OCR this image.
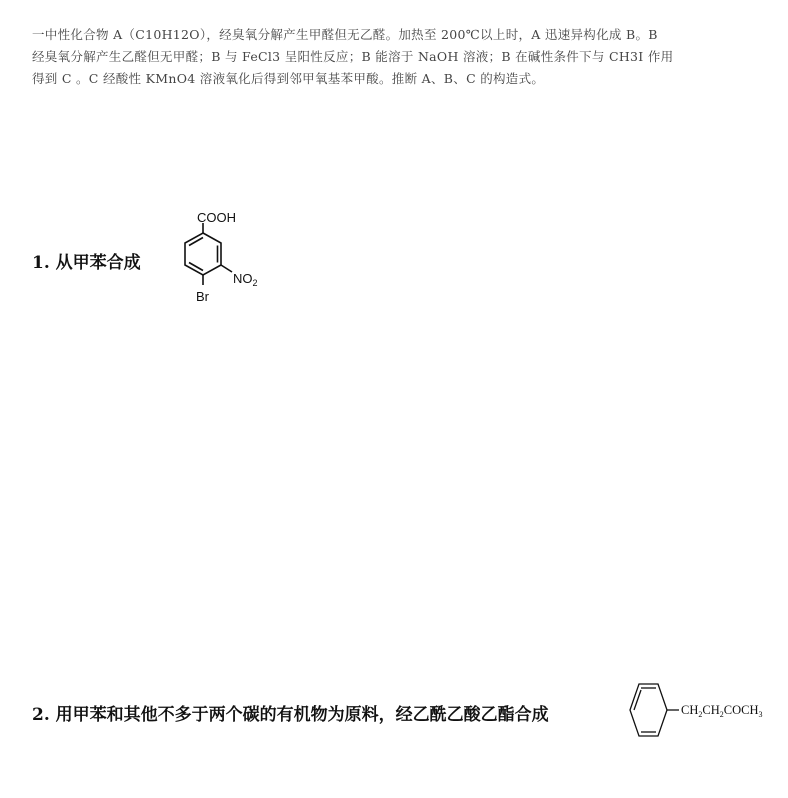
一中性化合物 A（C10H12O），经臭氧分解产生甲醛但无乙醛。加热至 200℃以上时，A 迅速异构化成 B。B

经臭氧分解产生乙醛但无甲醛；B 与 FeCl3 呈阳性反应；B 能溶于 NaOH 溶液；B 在碱性条件下与 CH3I 作用

得到 C 。C 经酸性 KMnO4 溶液氧化后得到邻甲氧基苯甲酸。推断 A、B、C 的构造式。

1. 从甲苯合成
COOH
$NO_2$
Br
2. 用甲苯和其他不多于两个碳的有机物为原料，经乙酰乙酸乙酯合成	$CH_2CH_2COCH_3$
